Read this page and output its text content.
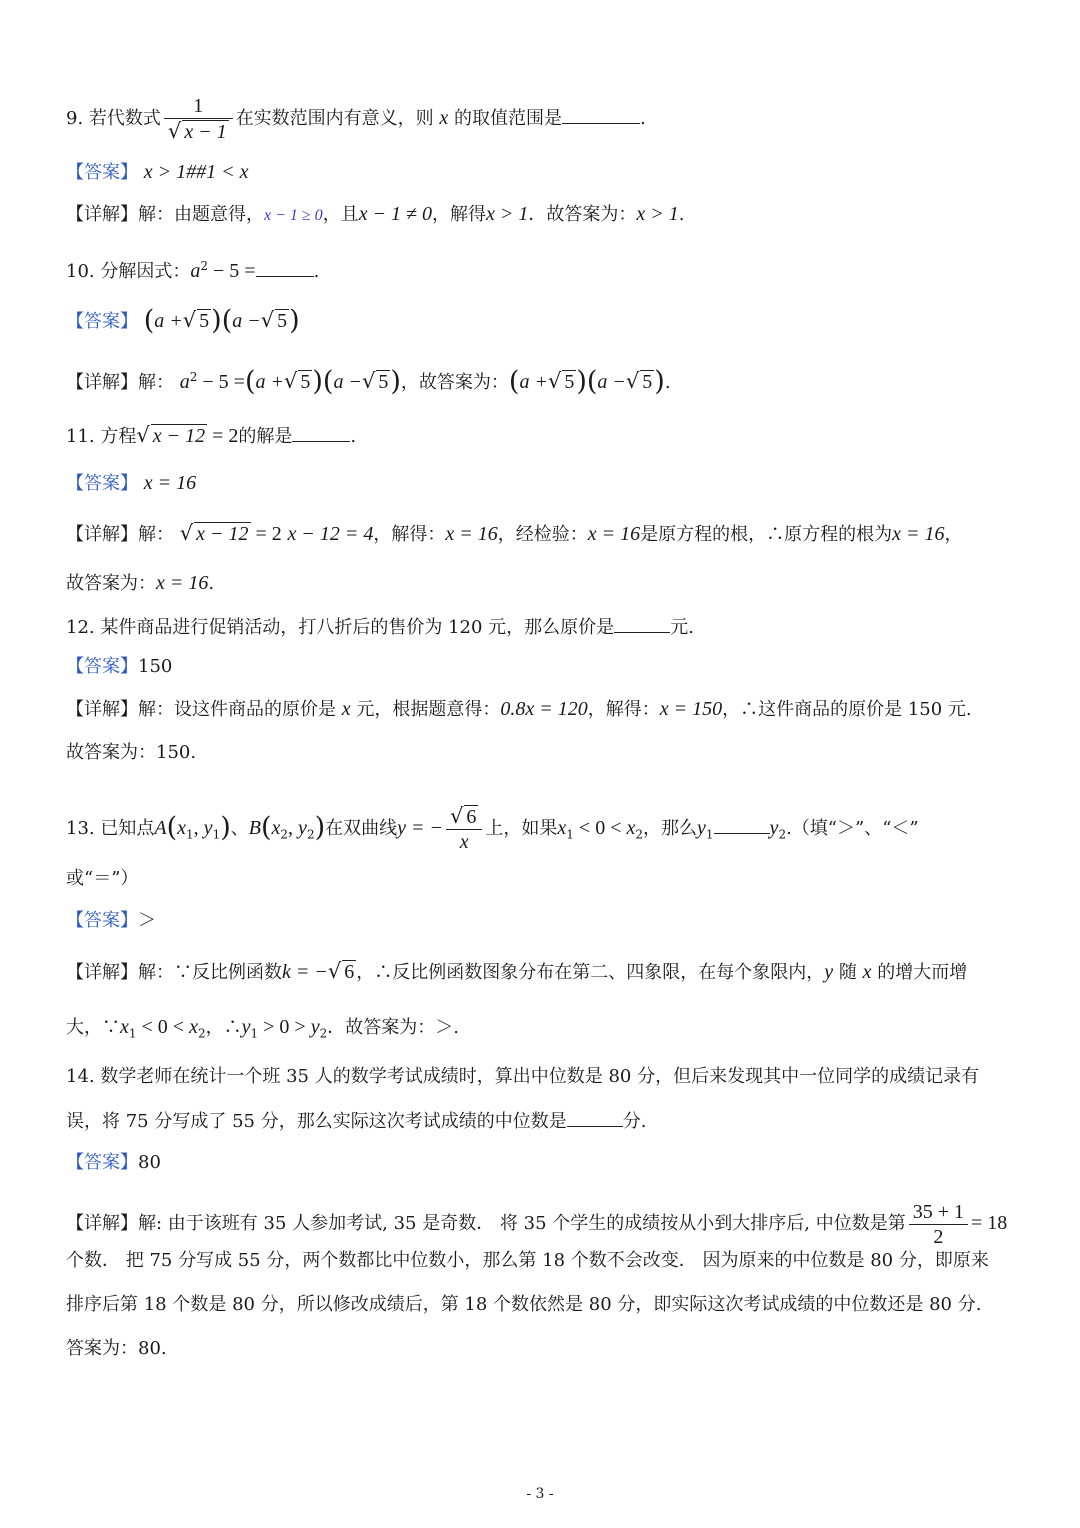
9. 若代数式 $\frac{1}{√ x - 1}$ 在实数范围内有意义，则 x 的取值范围是	.
【答案】 x > 1##1 < x
【详解】解：由题意得，x − 1 ≥ 0，且x − 1 ≠ 0，解得x > 1．故答案为：x > 1.
10. 分解因式：$a^2 - 5$ =	.
【答案】 (a +√ 5)(a −√ 5)
【详解】解： $a^2 - 5 =(a$ +√ 5)(a −√ 5)，故答案为：(a +√ 5)(a −√ 5).
11. 方程√ x − 12 = 2的解是	.
【答案】 x = 16
【详解】解： √ x − 12 = 2 x − 12 = 4，解得：x = 16，经检验：x = 16是原方程的根，∴原方程的根为x = 16，
故答案为：x = 16.
12. 某件商品进行促销活动，打八折后的售价为 120 元，那么原价是	元.
【答案】150
【详解】解：设这件商品的原价是 x 元，根据题意得：0.8x = 120，解得：x = 150，∴这件商品的原价是 150 元.
故答案为：150.
13. 已知点$A(x_1$, $y_1$)、$B(x_2$, $y_2$)在双曲线y = − $\frac{√ 6}{x}$ 上，如果$x_1 < 0 < x_2$，那么$y_1$	$y_2$.（填“＞”、“＜”
或“＝”）
【答案】＞
【详解】解：∵反比例函数k = −√ 6 ，∴反比例函数图象分布在第二、四象限，在每个象限内，y 随 x 的增大而增
大，$\because x_1 < 0 < x_2$，$\therefore y_1 > 0 > y_2$．故答案为：＞.
14. 数学老师在统计一个班 35 人的数学考试成绩时，算出中位数是 80 分，但后来发现其中一位同学的成绩记录有
误，将 75 分写成了 55 分，那么实际这次考试成绩的中位数是	分.
【答案】80
【详解】解: 由于该班有 35 人参加考试, 35 是奇数． 将 35 个学生的成绩按从小到大排序后, 中位数是第 $\frac{35 + 1}{2} = 18$
个数． 把 75 分写成 55 分，两个数都比中位数小，那么第 18 个数不会改变． 因为原来的中位数是 80 分，即原来
排序后第 18 个数是 80 分，所以修改成绩后，第 18 个数依然是 80 分，即实际这次考试成绩的中位数还是 80 分.
答案为：80.
- 3 -
